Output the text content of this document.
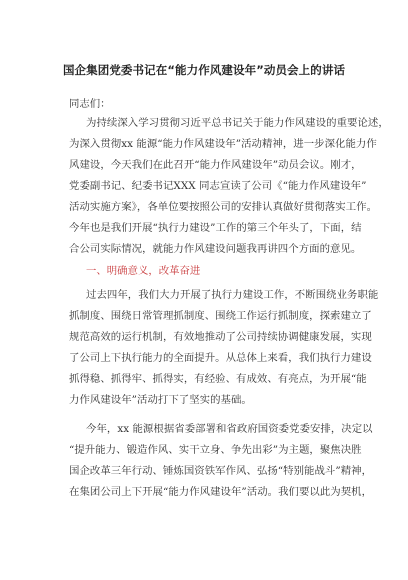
国企集团党委书记在“能力作风建设年”动员会上的讲话
同志们：
为持续深入学习贯彻习近平总书记关于能力作风建设的重要论述，
为深入贯彻xx 能源“能力作风建设年”活动精神，进一步深化能力作
风建设，今天我们在此召开“能力作风建设年”动员会议。刚才，
党委副书记、纪委书记XXX 同志宣读了公司《“能力作风建设年”
活动实施方案》，各单位要按照公司的安排认真做好贯彻落实工作。
今年也是我们开展“执行力建设”工作的第三个年头了，下面，结
合公司实际情况，就能力作风建设问题我再讲四个方面的意见。
一、明确意义，改革奋进
过去四年，我们大力开展了执行力建设工作，不断围绕业务职能
抓制度、围绕日常管理抓制度、围绕工作运行抓制度，探索建立了
规范高效的运行机制，有效地推动了公司持续协调健康发展，实现
了公司上下执行能力的全面提升。从总体上来看，我们执行力建设
抓得稳、抓得牢、抓得实，有经验、有成效、有亮点，为开展“能
力作风建设年”活动打下了坚实的基础。
今年，xx 能源根据省委部署和省政府国资委党委安排，决定以
“提升能力、锻造作风、实干立身、争先出彩”为主题，聚焦决胜
国企改革三年行动、锤炼国资铁军作风、弘扬“特别能战斗”精神，
在集团公司上下开展“能力作风建设年”活动。我们要以此为契机，
